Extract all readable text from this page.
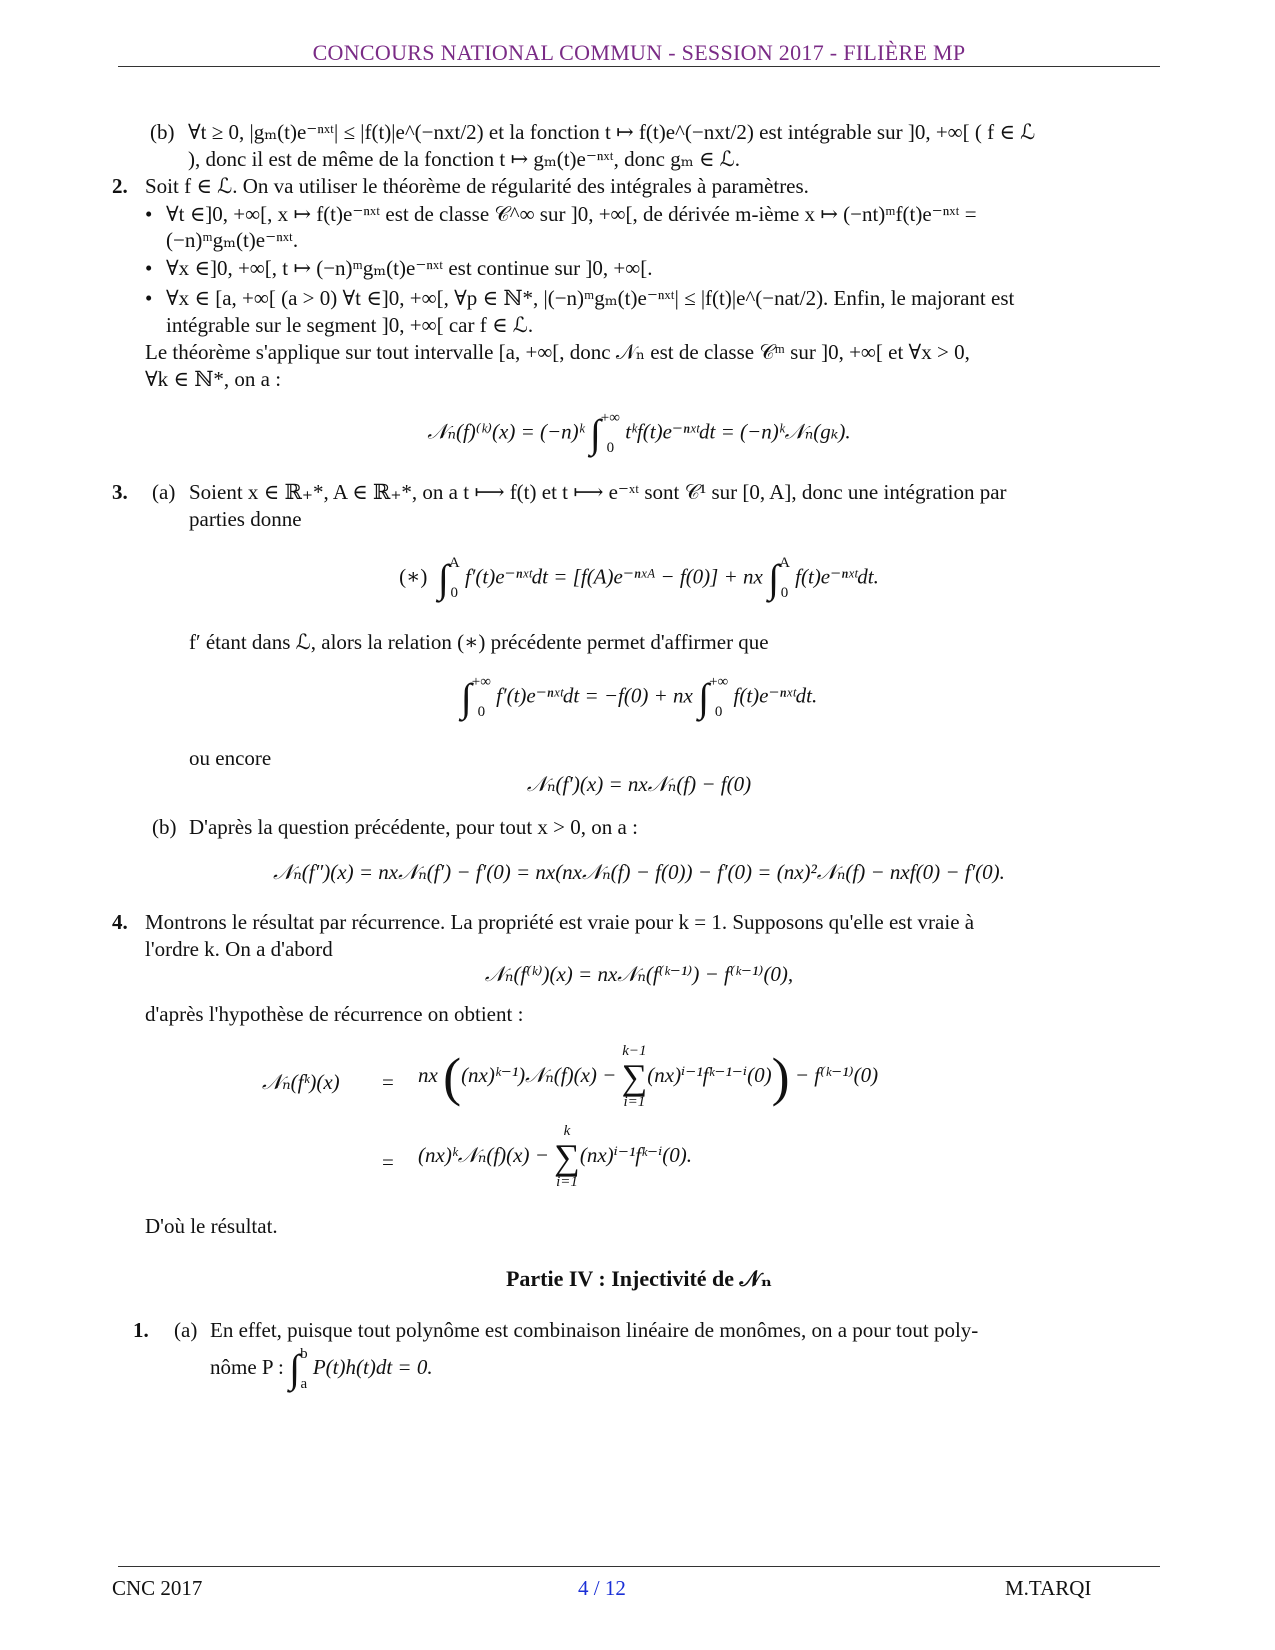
CONCOURS NATIONAL COMMUN - SESSION 2017 - FILIÈRE MP
(b) ∀t ≥ 0, |gₘ(t)e⁻ⁿˣᵗ| ≤ |f(t)|e^(−nxt/2) et la fonction t ↦ f(t)e^(−nxt/2) est intégrable sur ]0, +∞[ ( f ∈ ℒ
), donc il est de même de la fonction t ↦ gₘ(t)e⁻ⁿˣᵗ, donc gₘ ∈ ℒ.
2. Soit f ∈ ℒ. On va utiliser le théorème de régularité des intégrales à paramètres.
• ∀t ∈]0, +∞[, x ↦ f(t)e⁻ⁿˣᵗ est de classe 𝒞^∞ sur ]0, +∞[, de dérivée m-ième x ↦ (−nt)ᵐf(t)e⁻ⁿˣᵗ =
(−n)ᵐgₘ(t)e⁻ⁿˣᵗ.
• ∀x ∈]0, +∞[, t ↦ (−n)ᵐgₘ(t)e⁻ⁿˣᵗ est continue sur ]0, +∞[.
• ∀x ∈ [a, +∞[ (a > 0) ∀t ∈]0, +∞[, ∀p ∈ ℕ*, |(−n)ᵐgₘ(t)e⁻ⁿˣᵗ| ≤ |f(t)|e^(−nat/2). Enfin, le majorant est
intégrable sur le segment ]0, +∞[ car f ∈ ℒ.
Le théorème s'applique sur tout intervalle [a, +∞[, donc 𝒩ₙ est de classe 𝒞ᵐ sur ]0, +∞[ et ∀x > 0,
∀k ∈ ℕ*, on a :
𝒩ₙ(f)⁽ᵏ⁾(x) = (−n)ᵏ ∫+∞

0 tᵏf(t)e⁻ⁿˣᵗdt = (−n)ᵏ𝒩ₙ(gₖ).
3. (a) Soient x ∈ ℝ₊*, A ∈ ℝ₊*, on a t ⟼ f(t) et t ⟼ e⁻ˣᵗ sont 𝒞¹ sur [0, A], donc une intégration par
parties donne
(∗) ∫A

0 f′(t)e⁻ⁿˣᵗdt = [f(A)e⁻ⁿˣᴬ − f(0)] + nx ∫A

0 f(t)e⁻ⁿˣᵗdt.
f′ étant dans ℒ, alors la relation (∗) précédente permet d'affirmer que
∫+∞

0 f′(t)e⁻ⁿˣᵗdt = −f(0) + nx ∫+∞

0 f(t)e⁻ⁿˣᵗdt.
ou encore
𝒩ₙ(f′)(x) = nx𝒩ₙ(f) − f(0)
(b) D'après la question précédente, pour tout x > 0, on a :
𝒩ₙ(f″)(x) = nx𝒩ₙ(f′) − f′(0) = nx(nx𝒩ₙ(f) − f(0)) − f′(0) = (nx)²𝒩ₙ(f) − nxf(0) − f′(0).
4. Montrons le résultat par récurrence. La propriété est vraie pour k = 1. Supposons qu'elle est vraie à
l'ordre k. On a d'abord
𝒩ₙ(f⁽ᵏ⁾)(x) = nx𝒩ₙ(f⁽ᵏ⁻¹⁾) − f⁽ᵏ⁻¹⁾(0),
d'après l'hypothèse de récurrence on obtient :
𝒩ₙ(fᵏ)(x) = nx ((nx)ᵏ⁻¹)𝒩ₙ(f)(x) − k−1
∑
i=1(nx)ⁱ⁻¹fᵏ⁻¹⁻ⁱ(0)) − f⁽ᵏ⁻¹⁾(0)
= (nx)ᵏ𝒩ₙ(f)(x) − k
∑
i=1(nx)ⁱ⁻¹fᵏ⁻ⁱ(0).
D'où le résultat.
Partie IV : Injectivité de 𝒩ₙ
1. (a) En effet, puisque tout polynôme est combinaison linéaire de monômes, on a pour tout poly-
nôme P : ∫b

a P(t)h(t)dt = 0.
CNC 2017	4 / 12	M.TARQI
